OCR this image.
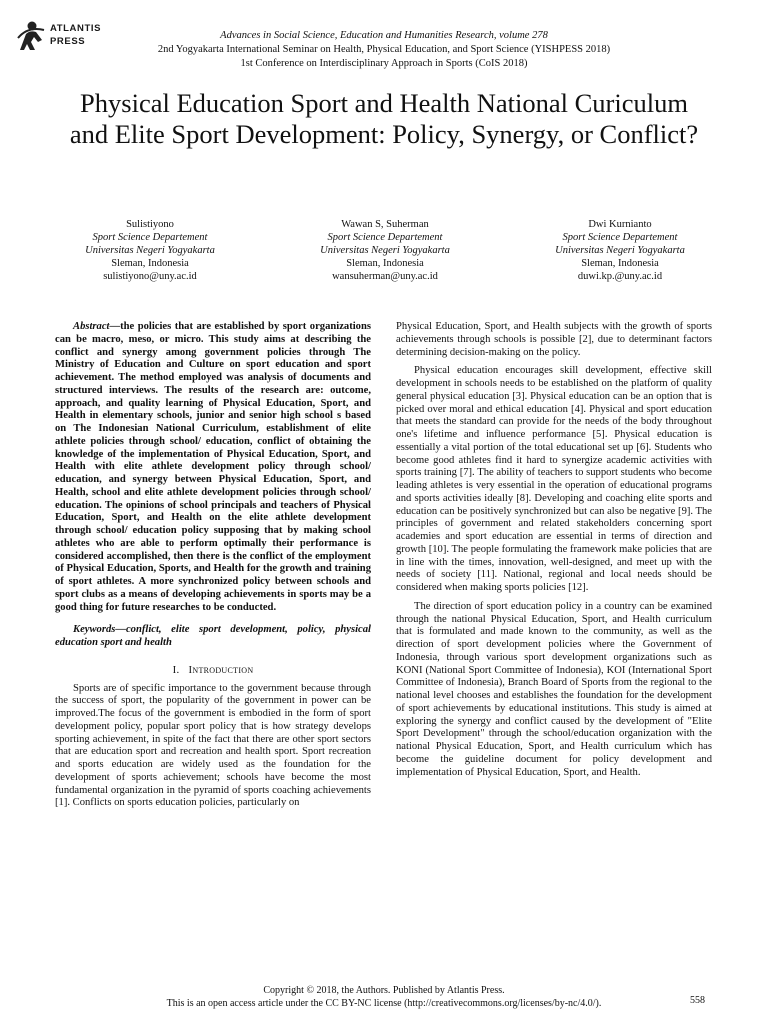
ATLANTIS
PRESS
Advances in Social Science, Education and Humanities Research, volume 278
2nd Yogyakarta International Seminar on Health, Physical Education, and Sport Science (YISHPESS 2018)
1st Conference on Interdisciplinary Approach in Sports (CoIS 2018)
Physical Education Sport and Health National Curiculum and Elite Sport Development: Policy, Synergy, or Conflict?
Sulistiyono
Sport Science Departement
Universitas Negeri Yogyakarta
Sleman, Indonesia
sulistiyono@uny.ac.id
Wawan S, Suherman
Sport Science Departement
Universitas Negeri Yogyakarta
Sleman, Indonesia
wansuherman@uny.ac.id
Dwi Kurnianto
Sport Science Departement
Universitas Negeri Yogyakarta
Sleman, Indonesia
duwi.kp.@uny.ac.id

Abstract—the policies that are established by sport organizations can be macro, meso, or micro. This study aims at describing the conflict and synergy among government policies through The Ministry of Education and Culture on sport education and sport achievement. The method employed was analysis of documents and structured interviews. The results of the research are: outcome, approach, and quality learning of Physical Education, Sport, and Health in elementary schools, junior and senior high school s based on The Indonesian National Curriculum, establishment of elite athlete policies through school/ education, conflict of obtaining the knowledge of the implementation of Physical Education, Sport, and Health with elite athlete development policy through school/ education, and synergy between Physical Education, Sport, and Health, school and elite athlete development policies through school/ education. The opinions of school principals and teachers of Physical Education, Sport, and Health on the elite athlete development through school/ education policy supposing that by making school athletes who are able to perform optimally their performance is considered accomplished, then there is the conflict of the employment of Physical Education, Sports, and Health for the growth and training of sport athletes. A more synchronized policy between schools and sport clubs as a means of developing achievements in sports may be a good thing for future researches to be conducted.

Keywords—conflict, elite sport development, policy, physical education sport and health

I. Introduction

Sports are of specific importance to the government because through the success of sport, the popularity of the government in power can be improved.The focus of the government is embodied in the form of sport development policy, popular sport policy that is how strategy develops sporting achievement, in spite of the fact that there are other sport sectors that are education sport and recreation and health sport. Sport recreation and sports education are widely used as the foundation for the development of sports achievement; schools have become the most fundamental organization in the pyramid of sports coaching achievements [1]. Conflicts on sports education policies, particularly on

Physical Education, Sport, and Health subjects with the growth of sports achievements through schools is possible [2], due to determinant factors determining decision-making on the policy.

Physical education encourages skill development, effective skill development in schools needs to be established on the platform of quality general physical education [3]. Physical education can be an option that is picked over moral and ethical education [4]. Physical and sport education that meets the standard can provide for the needs of the body throughout one's lifetime and influence performance [5]. Physical education is essentially a vital portion of the total educational set up [6]. Students who become good athletes find it hard to synergize academic activities with sports training [7]. The ability of teachers to support students who become leading athletes is very essential in the operation of educational programs and sports activities ideally [8]. Developing and coaching elite sports and education can be positively synchronized but can also be negative [9]. The principles of government and related stakeholders concerning sport academies and sport education are essential in terms of direction and growth [10]. The people formulating the framework make policies that are in line with the times, innovation, well-designed, and meet up with the needs of society [11]. National, regional and local needs should be considered when making sports policies [12].

The direction of sport education policy in a country can be examined through the national Physical Education, Sport, and Health curriculum that is formulated and made known to the community, as well as the direction of sport development policies where the Government of Indonesia, through various sport development organizations such as KONI (National Sport Committee of Indonesia), KOI (International Sport Committee of Indonesia), Branch Board of Sports from the regional to the national level chooses and establishes the foundation for the development of sport achievements by educational institutions. This study is aimed at exploring the synergy and conflict caused by the development of "Elite Sport Development" through the school/education organization with the national Physical Education, Sport, and Health curriculum which has become the guideline document for policy development and implementation of Physical Education, Sport, and Health.

Copyright © 2018, the Authors. Published by Atlantis Press.
This is an open access article under the CC BY-NC license (http://creativecommons.org/licenses/by-nc/4.0/).	558
